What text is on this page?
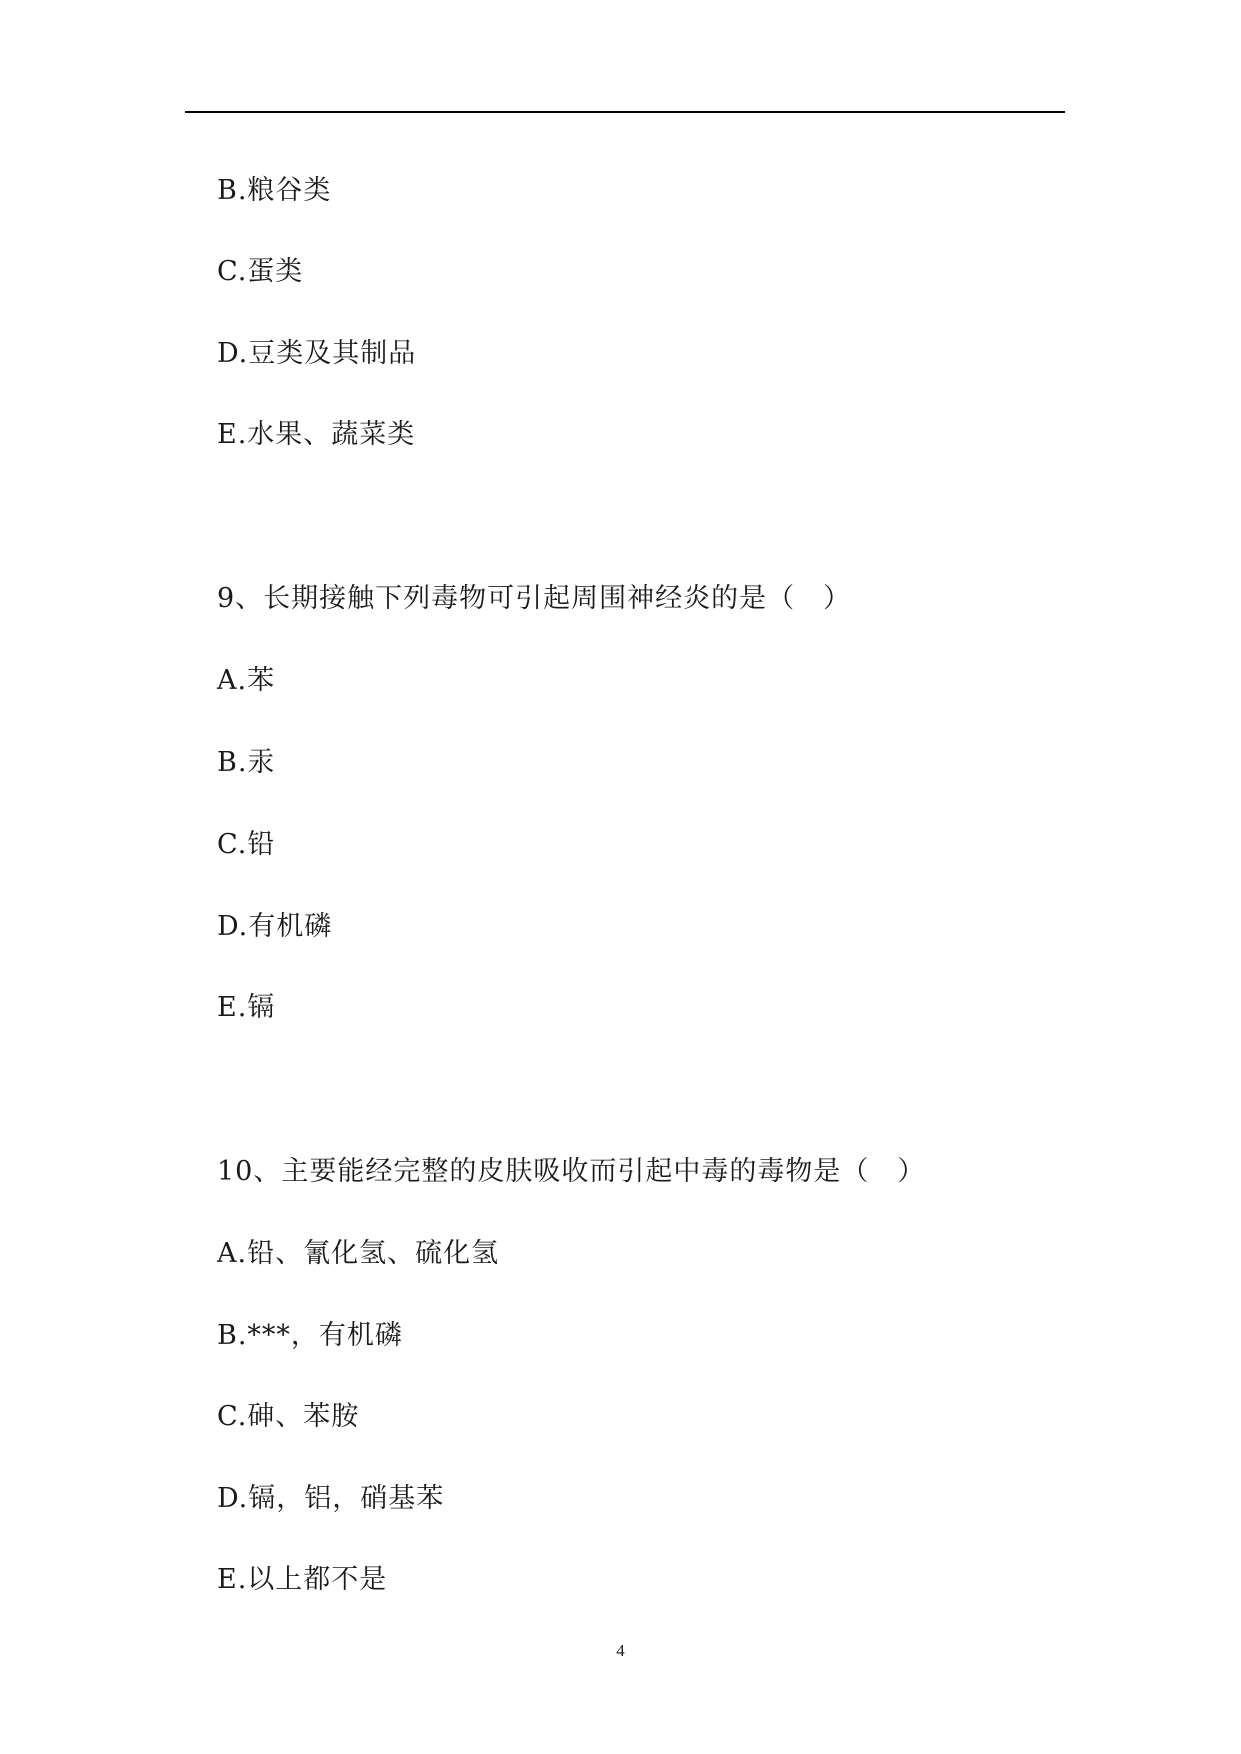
B.粮谷类
C.蛋类
D.豆类及其制品
E.水果、蔬菜类
9、长期接触下列毒物可引起周围神经炎的是（　）
A.苯
B.汞
C.铅
D.有机磷
E.镉
10、主要能经完整的皮肤吸收而引起中毒的毒物是（　）
A.铅、氰化氢、硫化氢
B.***，有机磷
C.砷、苯胺
D.镉，铝，硝基苯
E.以上都不是
4
